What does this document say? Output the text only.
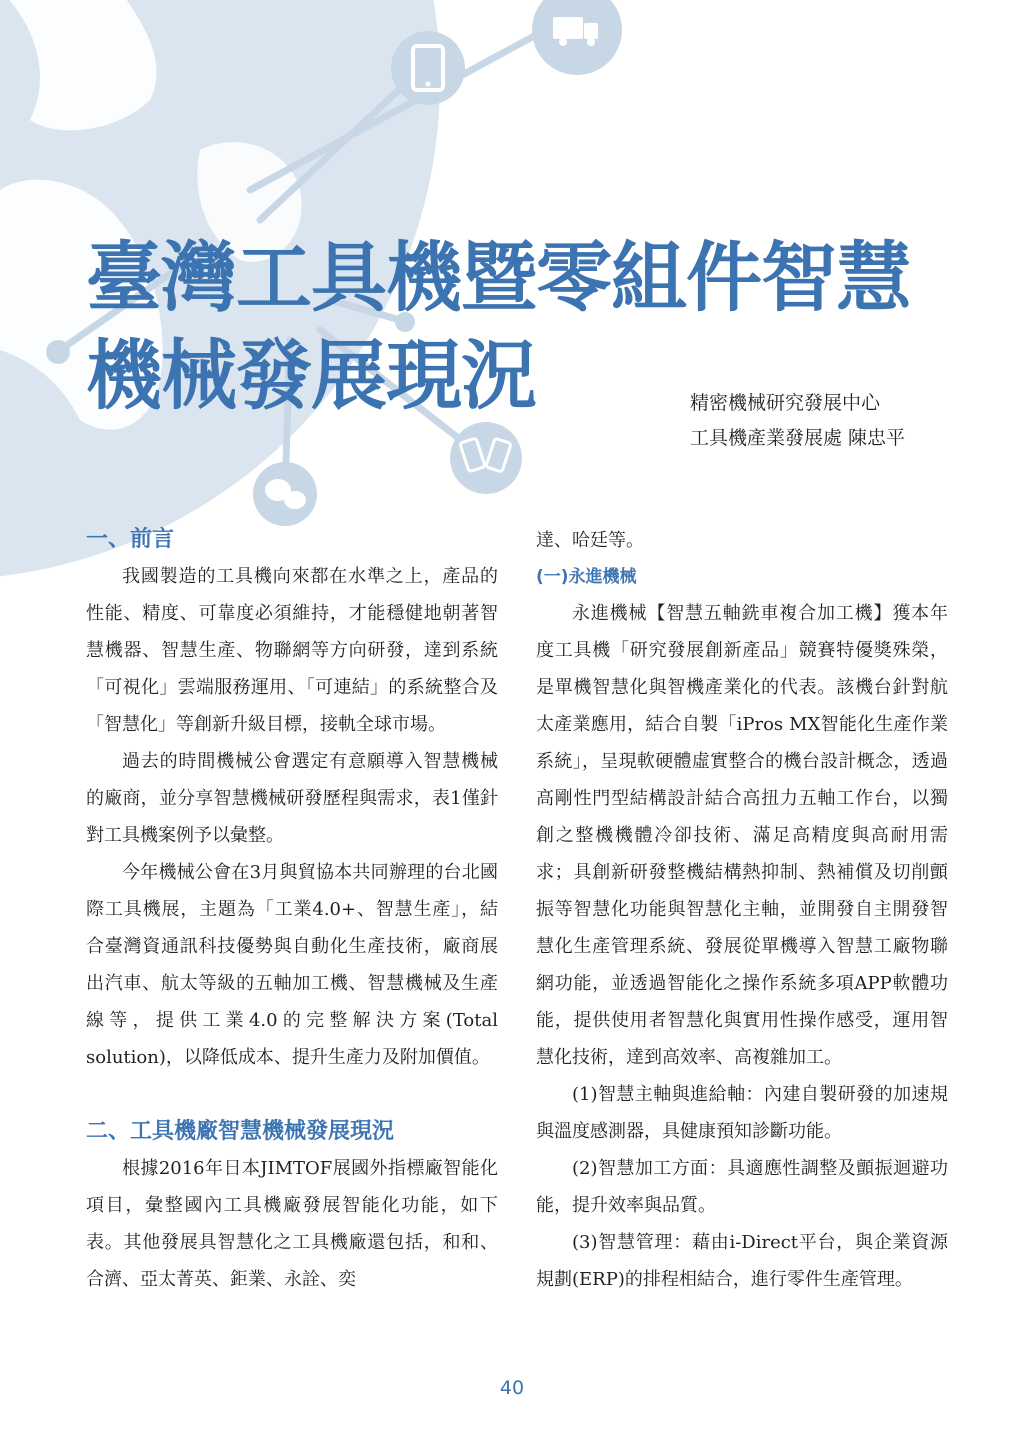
臺灣工具機暨零組件智慧
機械發展現況	精密機械研究發展中心
工具機產業發展處 陳忠平
一、前言

我國製造的工具機向來都在水準之上，產品的性能、精度、可靠度必須維持，才能穩健地朝著智慧機器、智慧生產、物聯網等方向研發，達到系統「可視化」雲端服務運用、「可連結」的系統整合及「智慧化」等創新升級目標，接軌全球市場。

過去的時間機械公會選定有意願導入智慧機械的廠商，並分享智慧機械研發歷程與需求，表1僅針對工具機案例予以彙整。

今年機械公會在3月與貿協本共同辦理的台北國際工具機展，主題為「工業4.0+、智慧生產」，結合臺灣資通訊科技優勢與自動化生產技術，廠商展出汽車、航太等級的五軸加工機、智慧機械及生產線等，提供工業4.0的完整解決方案(Total solution)，以降低成本、提升生產力及附加價值。

二、工具機廠智慧機械發展現況

根據2016年日本JIMTOF展國外指標廠智能化項目，彙整國內工具機廠發展智能化功能，如下表。其他發展具智慧化之工具機廠還包括，和和、合濟、亞太菁英、鉅業、永詮、奕

達、哈廷等。

(一)永進機械

永進機械【智慧五軸銑車複合加工機】獲本年度工具機「研究發展創新產品」競賽特優獎殊榮，是單機智慧化與智機產業化的代表。該機台針對航太產業應用，結合自製「iPros MX智能化生產作業系統」，呈現軟硬體虛實整合的機台設計概念，透過高剛性門型結構設計結合高扭力五軸工作台，以獨創之整機機體冷卻技術、滿足高精度與高耐用需求；具創新研發整機結構熱抑制、熱補償及切削顫振等智慧化功能與智慧化主軸，並開發自主開發智慧化生產管理系統、發展從單機導入智慧工廠物聯網功能，並透過智能化之操作系統多項APP軟體功能，提供使用者智慧化與實用性操作感受，運用智慧化技術，達到高效率、高複雜加工。

(1)智慧主軸與進給軸：內建自製研發的加速規與溫度感測器，具健康預知診斷功能。

(2)智慧加工方面：具適應性調整及顫振迴避功能，提升效率與品質。

(3)智慧管理：藉由i-Direct平台，與企業資源規劃(ERP)的排程相結合，進行零件生產管理。

40
